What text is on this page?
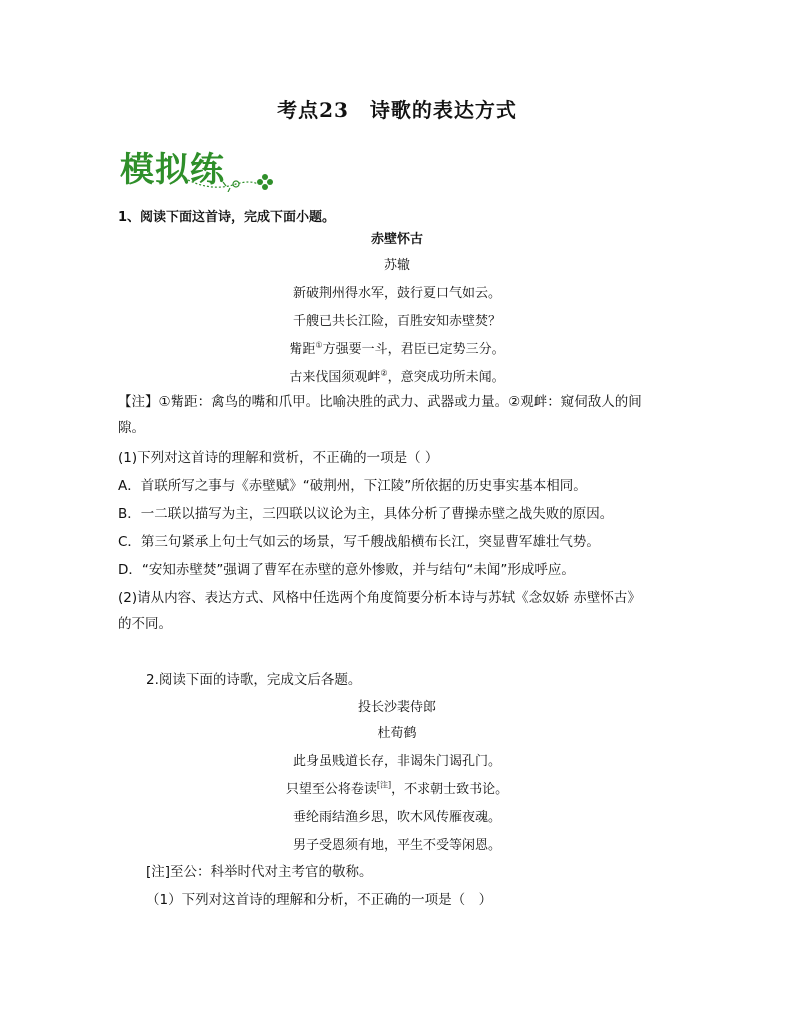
考点23　诗歌的表达方式
模拟练
1、阅读下面这首诗，完成下面小题。
赤壁怀古
苏辙
新破荆州得水军，鼓行夏口气如云。
千艘已共长江险，百胜安知赤壁焚？
觜距①方强要一斗，君臣已定势三分。
古来伐国须观衅②，意突成功所未闻。
【注】①觜距：禽鸟的嘴和爪甲。比喻决胜的武力、武器或力量。②观衅：窥伺敌人的间
隙。
(1)下列对这首诗的理解和赏析，不正确的一项是（ ）
A．首联所写之事与《赤壁赋》“破荆州，下江陵”所依据的历史事实基本相同。
B．一二联以描写为主，三四联以议论为主，具体分析了曹操赤壁之战失败的原因。
C．第三句紧承上句士气如云的场景，写千艘战船横布长江，突显曹军雄壮气势。
D．“安知赤壁焚”强调了曹军在赤壁的意外惨败，并与结句“未闻”形成呼应。
(2)请从内容、表达方式、风格中任选两个角度简要分析本诗与苏轼《念奴娇 赤壁怀古》
的不同。
2.阅读下面的诗歌，完成文后各题。
投长沙裴侍郎
杜荀鹤
此身虽贱道长存，非谒朱门谒孔门。
只望至公将卷读[注]，不求朝士致书论。
垂纶雨结渔乡思，吹木风传雁夜魂。
男子受恩须有地，平生不受等闲恩。
[注]至公：科举时代对主考官的敬称。
（1）下列对这首诗的理解和分析，不正确的一项是（　）
